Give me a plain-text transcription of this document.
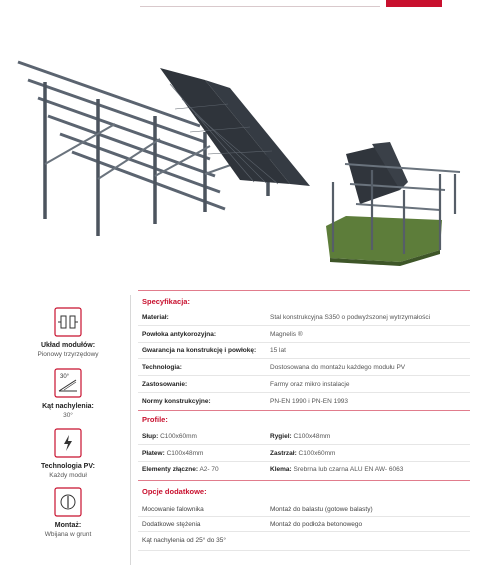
Układ modułów:
Pionowy trzyrzędowy
30°
Kąt nachylenia:
30°
Technologia PV:
Każdy moduł
Montaż:
Wbijana w grunt
Specyfikacja:
Materiał:	Stal konstrukcyjna S350 o podwyższonej wytrzymałości
Powłoka antykorozyjna:	Magnelis ®
Gwarancja na konstrukcję i powłokę: 15 lat
Technologia:	Dostosowana do montażu każdego modułu PV
Zastosowanie:	Farmy oraz mikro instalacje
Normy konstrukcyjne:	PN-EN 1990 i PN-EN 1993
Profile:
Słup: C100x60mm	Rygiel: C100x48mm
Płatew: C100x48mm	Zastrzał: C100x60mm
Elementy złączne: A2- 70	Klema: Srebrna lub czarna ALU EN AW- 6063
Opcje dodatkowe:
Mocowanie falownika	Montaż do balastu (gotowe balasty)
Dodatkowe stężenia	Montaż do podłoża betonowego
Kąt nachylenia od 25° do 35°
